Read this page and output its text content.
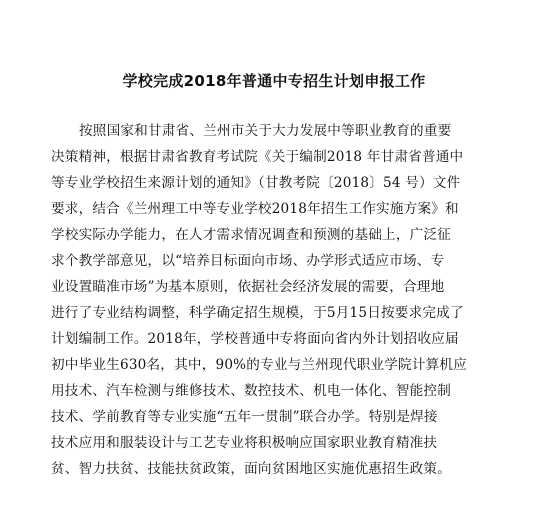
学校完成2018年普通中专招生计划申报工作
按照国家和甘肃省、兰州市关于大力发展中等职业教育的重要
决策精神，根据甘肃省教育考试院《关于编制2018 年甘肃省普通中
等专业学校招生来源计划的通知》（甘教考院〔2018〕54 号）文件
要求，结合《兰州理工中等专业学校2018年招生工作实施方案》和
学校实际办学能力，在人才需求情况调查和预测的基础上，广泛征
求个教学部意见，以“培养目标面向市场、办学形式适应市场、专
业设置瞄准市场”为基本原则，依据社会经济发展的需要，合理地
进行了专业结构调整，科学确定招生规模，于5月15日按要求完成了
计划编制工作。2018年，学校普通中专将面向省内外计划招收应届
初中毕业生630名，其中，90%的专业与兰州现代职业学院计算机应
用技术、汽车检测与维修技术、数控技术、机电一体化、智能控制
技术、学前教育等专业实施“五年一贯制”联合办学。特别是焊接
技术应用和服装设计与工艺专业将积极响应国家职业教育精准扶
贫、智力扶贫、技能扶贫政策，面向贫困地区实施优惠招生政策。
